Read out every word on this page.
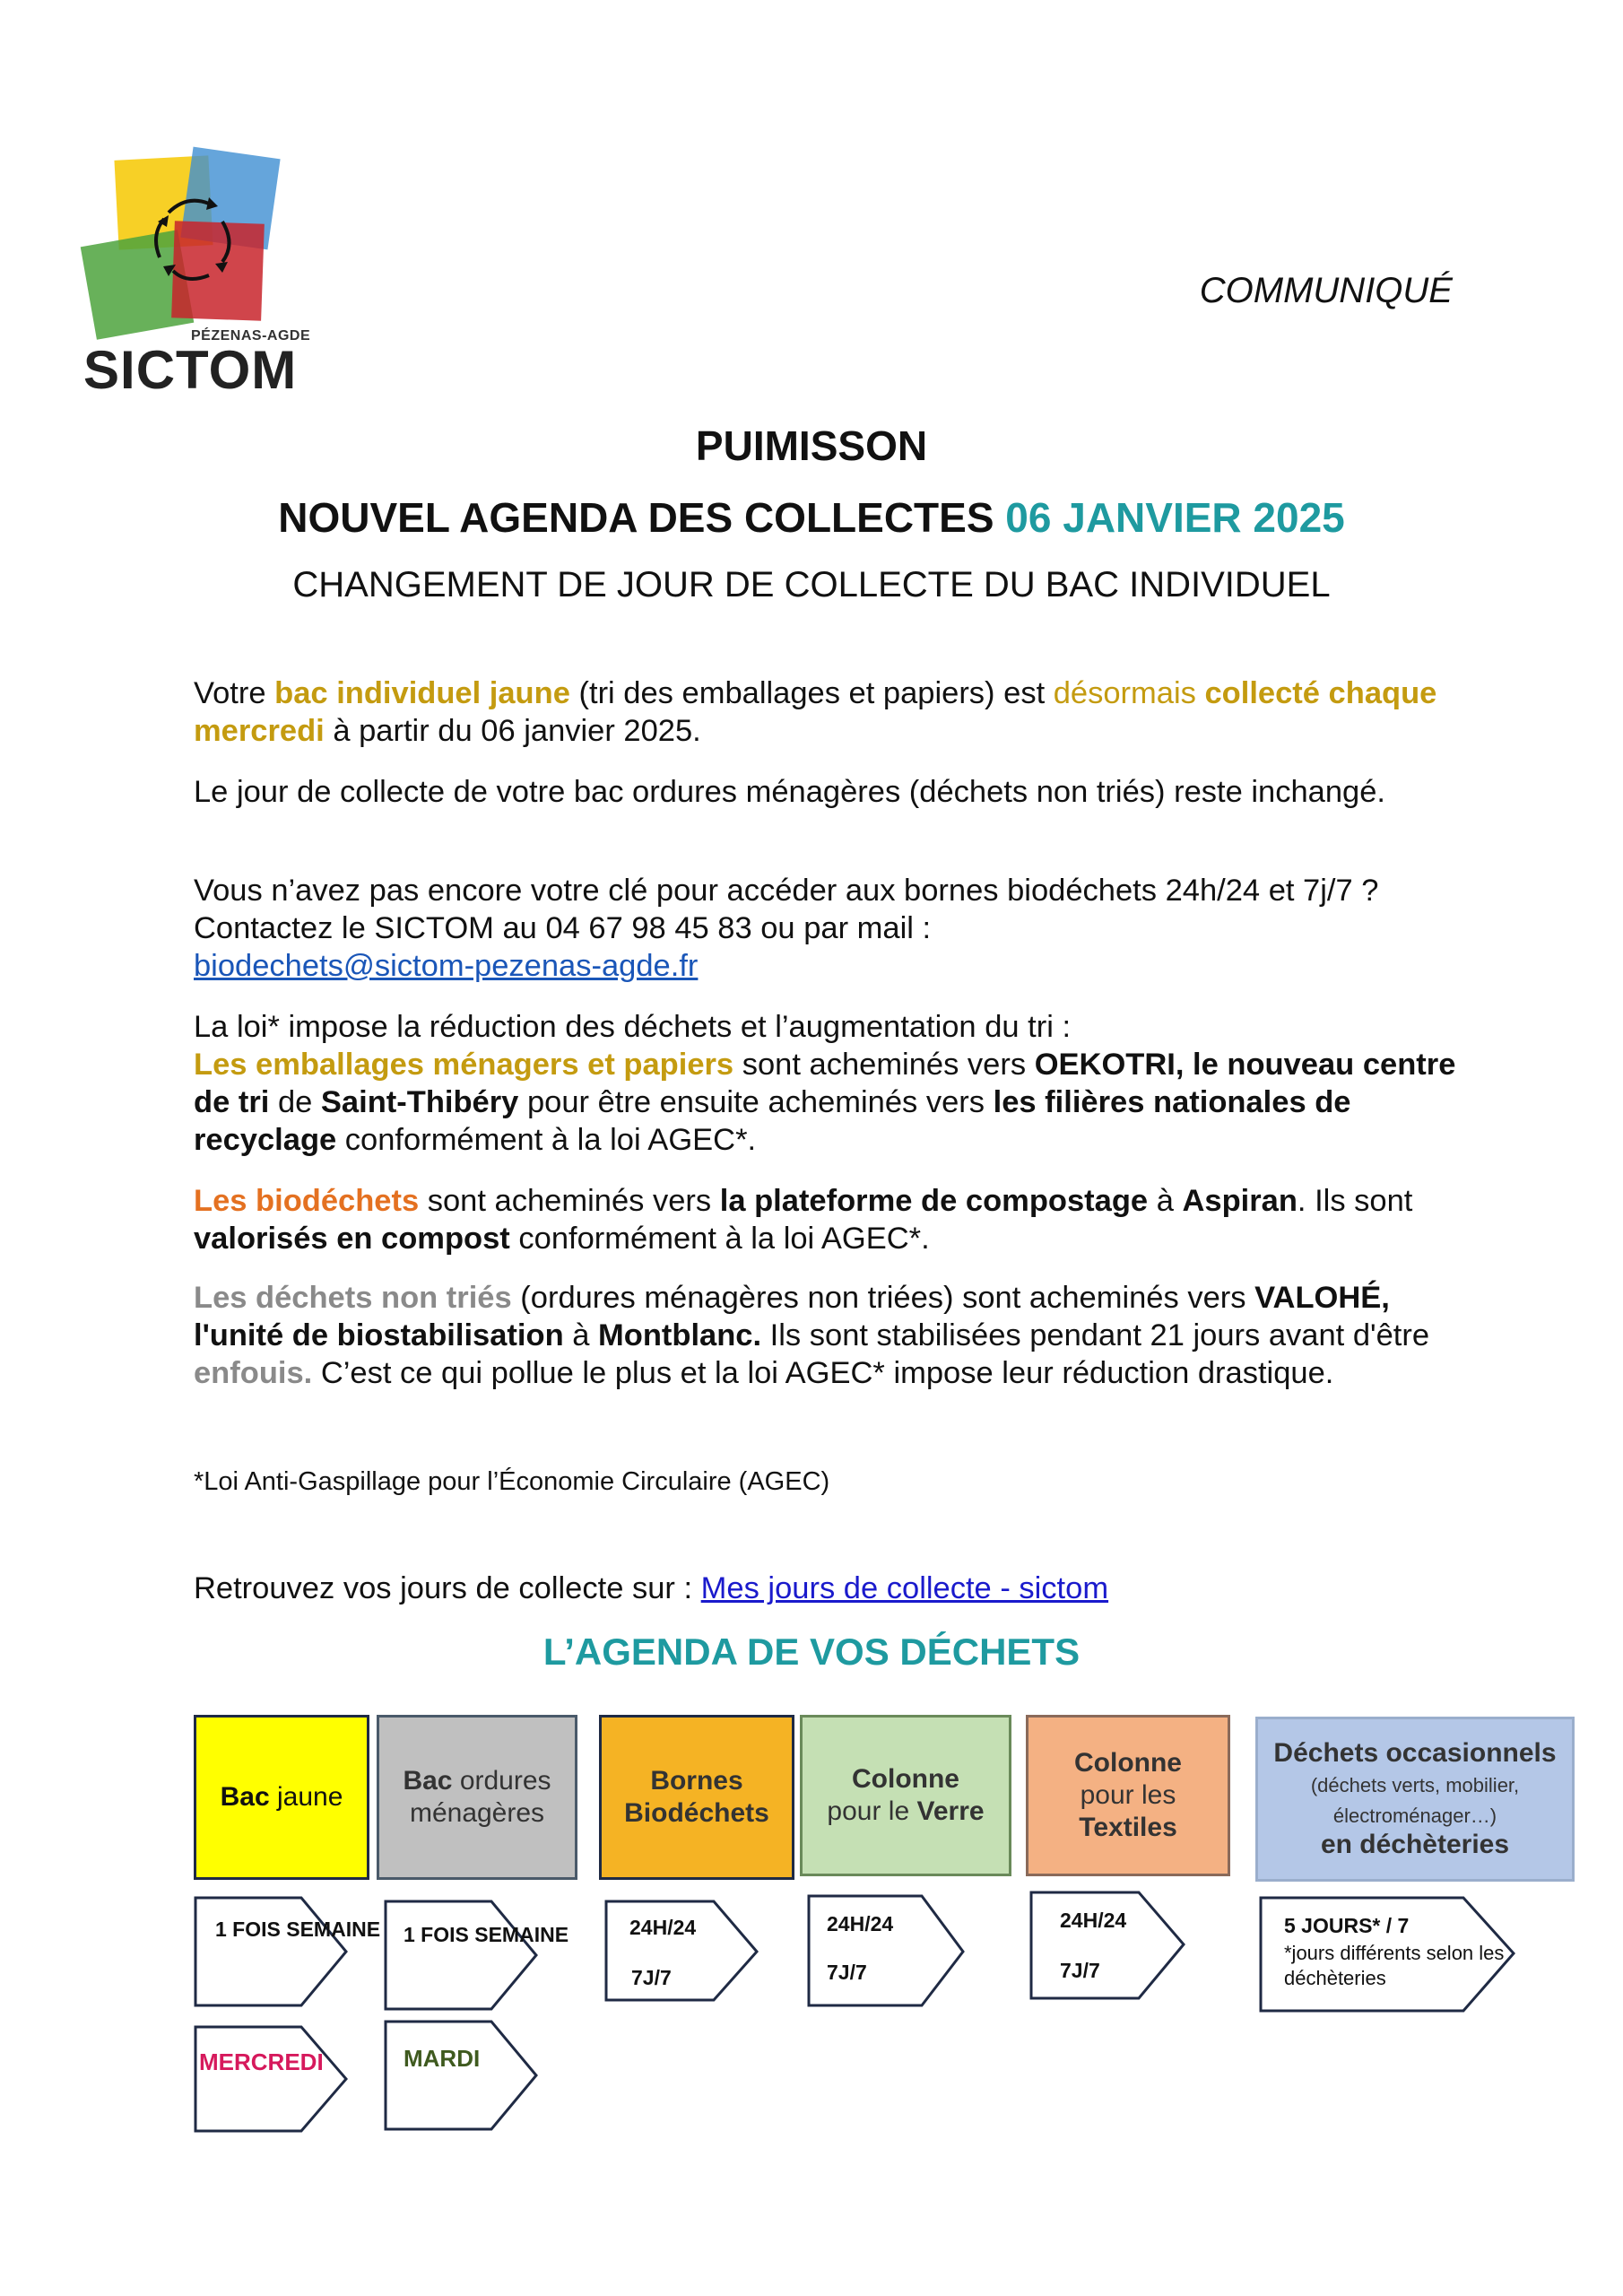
PÉZENAS-AGDE
SICTOM
COMMUNIQUÉ
PUIMISSON
NOUVEL AGENDA DES COLLECTES 06 JANVIER 2025
CHANGEMENT DE JOUR DE COLLECTE DU BAC INDIVIDUEL

Votre bac individuel jaune (tri des emballages et papiers) est désormais collecté chaque mercredi à partir du 06 janvier 2025.

Le jour de collecte de votre bac ordures ménagères (déchets non triés) reste inchangé.

Vous n’avez pas encore votre clé pour accéder aux bornes biodéchets 24h/24 et 7j/7 ? Contactez le SICTOM au 04 67 98 45 83 ou par mail :
biodechets@sictom-pezenas-agde.fr

La loi* impose la réduction des déchets et l’augmentation du tri :
Les emballages ménagers et papiers sont acheminés vers OEKOTRI, le nouveau centre de tri de Saint-Thibéry pour être ensuite acheminés vers les filières nationales de recyclage conformément à la loi AGEC*.

Les biodéchets sont acheminés vers la plateforme de compostage à Aspiran. Ils sont valorisés en compost conformément à la loi AGEC*.

Les déchets non triés (ordures ménagères non triées) sont acheminés vers VALOHÉ, l'unité de biostabilisation à Montblanc. Ils sont stabilisées pendant 21 jours avant d'être enfouis. C’est ce qui pollue le plus et la loi AGEC* impose leur réduction drastique.

*Loi Anti-Gaspillage pour l’Économie Circulaire (AGEC)
Retrouvez vos jours de collecte sur : Mes jours de collecte - sictom
L’AGENDA DE VOS DÉCHETS
Bac jaune
Bac ordures ménagères
Bornes Biodéchets
Colonne
pour le Verre
Colonne
pour les
Textiles
Déchets occasionnels (déchets verts, mobilier, électroménager…)
en déchèteries
1 FOIS SEMAINE 1 FOIS SEMAINE	24H/24
7J/7
24H/24
7J/7
24H/24
7J/7
5 JOURS* / 7
*jours différents selon les déchèteries
MERCREDI	MARDI
